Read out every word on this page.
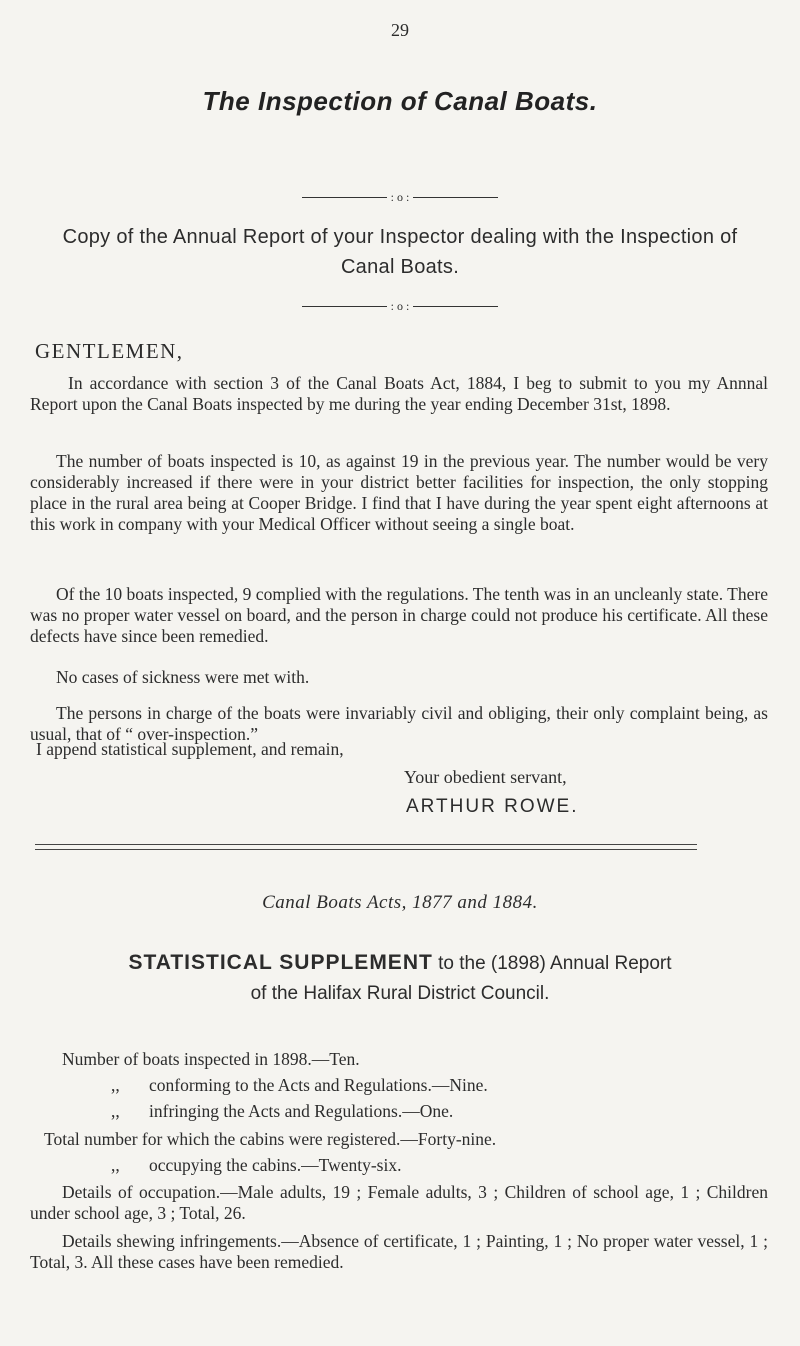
29
The Inspection of Canal Boats.
: o :
Copy of the Annual Report of your Inspector dealing with the Inspection of Canal Boats.
: o :
GENTLEMEN,
In accordance with section 3 of the Canal Boats Act, 1884, I beg to submit to you my Annnal Report upon the Canal Boats inspected by me during the year ending December 31st, 1898.
The number of boats inspected is 10, as against 19 in the previous year. The number would be very considerably increased if there were in your district better facilities for inspection, the only stopping place in the rural area being at Cooper Bridge. I find that I have during the year spent eight afternoons at this work in company with your Medical Officer without seeing a single boat.
Of the 10 boats inspected, 9 complied with the regulations. The tenth was in an uncleanly state. There was no proper water vessel on board, and the person in charge could not produce his certificate. All these defects have since been remedied.
No cases of sickness were met with.
The persons in charge of the boats were invariably civil and obliging, their only complaint being, as usual, that of “ over-inspection.”
I append statistical supplement, and remain,
Your obedient servant,
ARTHUR ROWE.
Canal Boats Acts, 1877 and 1884.
STATISTICAL SUPPLEMENT to the (1898) Annual Report
of the Halifax Rural District Council.
Number of boats inspected in 1898.—Ten.
,, conforming to the Acts and Regulations.—Nine.
,, infringing the Acts and Regulations.—One.
Total number for which the cabins were registered.—Forty-nine.
,, occupying the cabins.—Twenty-six.
Details of occupation.—Male adults, 19 ; Female adults, 3 ; Children of school age, 1 ; Children under school age, 3 ; Total, 26.
Details shewing infringements.—Absence of certificate, 1 ; Painting, 1 ; No proper water vessel, 1 ; Total, 3. All these cases have been remedied.
